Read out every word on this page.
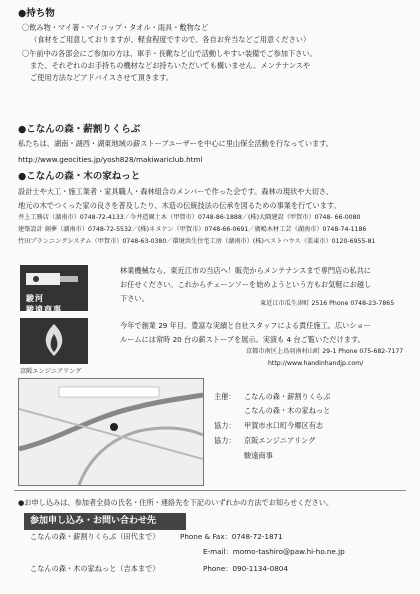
●持ち物
〇飲み物・マイ箸・マイコップ・タオル・雨具・敷物など
（食材をご用意しておりますが、軽食程度ですので、各自お弁当などご用意ください）
〇午前中の各部会にご参加の方は、軍手・長靴など山で活動しやすい装備でご参加下さい。
また、それぞれのお手持ちの機材などお持ちいただいても構いません。メンテナンスや
ご使用方法などアドバイスさせて頂きます。
●こなんの森・薪割りくらぶ
私たちは、湖南・湖西・湖東地域の薪ストーブユーザーを中心に里山保全活動を行なっています。
http://www.geocities.jp/yosh828/makiwariclub.html
●こなんの森・木の家ねっと
設計士や大工・施工業者・家具職人・森林組合のメンバーで作った会です。森林の現状や大切さ、
地元の木でつくった家の良さを普及したり、木造の伝統技法の伝承を図るための事業を行ています。
井上工務店（湖南市）0748-72-4133／今井造園土木（甲賀市）0748-86-1888／(株)大隅建設（甲賀市）0748- 66-0080
建築設計 創夢（湖南市）0748-72-5532／(株)ネヌケン（甲賀市）0748-66-0691／廣嶋木材工芸（湖南市）0748-74-1186
竹田プランニングシステム（甲賀市）0748-63-0380／環境共生住宅工房（湖南市）(株)ベストハウス（栗東市）0120-6955-81
駿河
駿遠商事
林業機械なら、東近江市の当店へ！販売からメンテナンスまで専門店の私共に
お任せください。これからチェーンソーを始めようという方もお気軽にお越し
下さい。
東近江市瓜生津町 2516 Phone 0748-23-7865
京阪エンジニアリング
今年で創業 29 年目。豊富な実績と自社スタッフによる責任施工。広いショー
ルームには常時 20 台の薪ストーブを展示。実演も 4 台ご覧いただけます。
京都市南区上鳥羽南村山町 29-1 Phone 075-682-7177
http://www.handinhandjp.com/
主催： こなんの森・薪割りくらぶ
こなんの森・木の家ねっと
協力： 甲賀市水口町今郷区有志
協力： 京阪エンジニアリング
駿遠商事
●お申し込みは、参加者全員の氏名・住所・連絡先を下記のいずれかの方法でお知らせください。
参加申し込み・お問い合わせ先
こなんの森・薪割りくらぶ（田代まで）	Phone & Fax：0748-72-1871
E-mail：momo-tashiro@paw.hi-ho.ne.jp
こなんの森・木の家ねっと（吉本まで）	Phone：090-1134-0804
